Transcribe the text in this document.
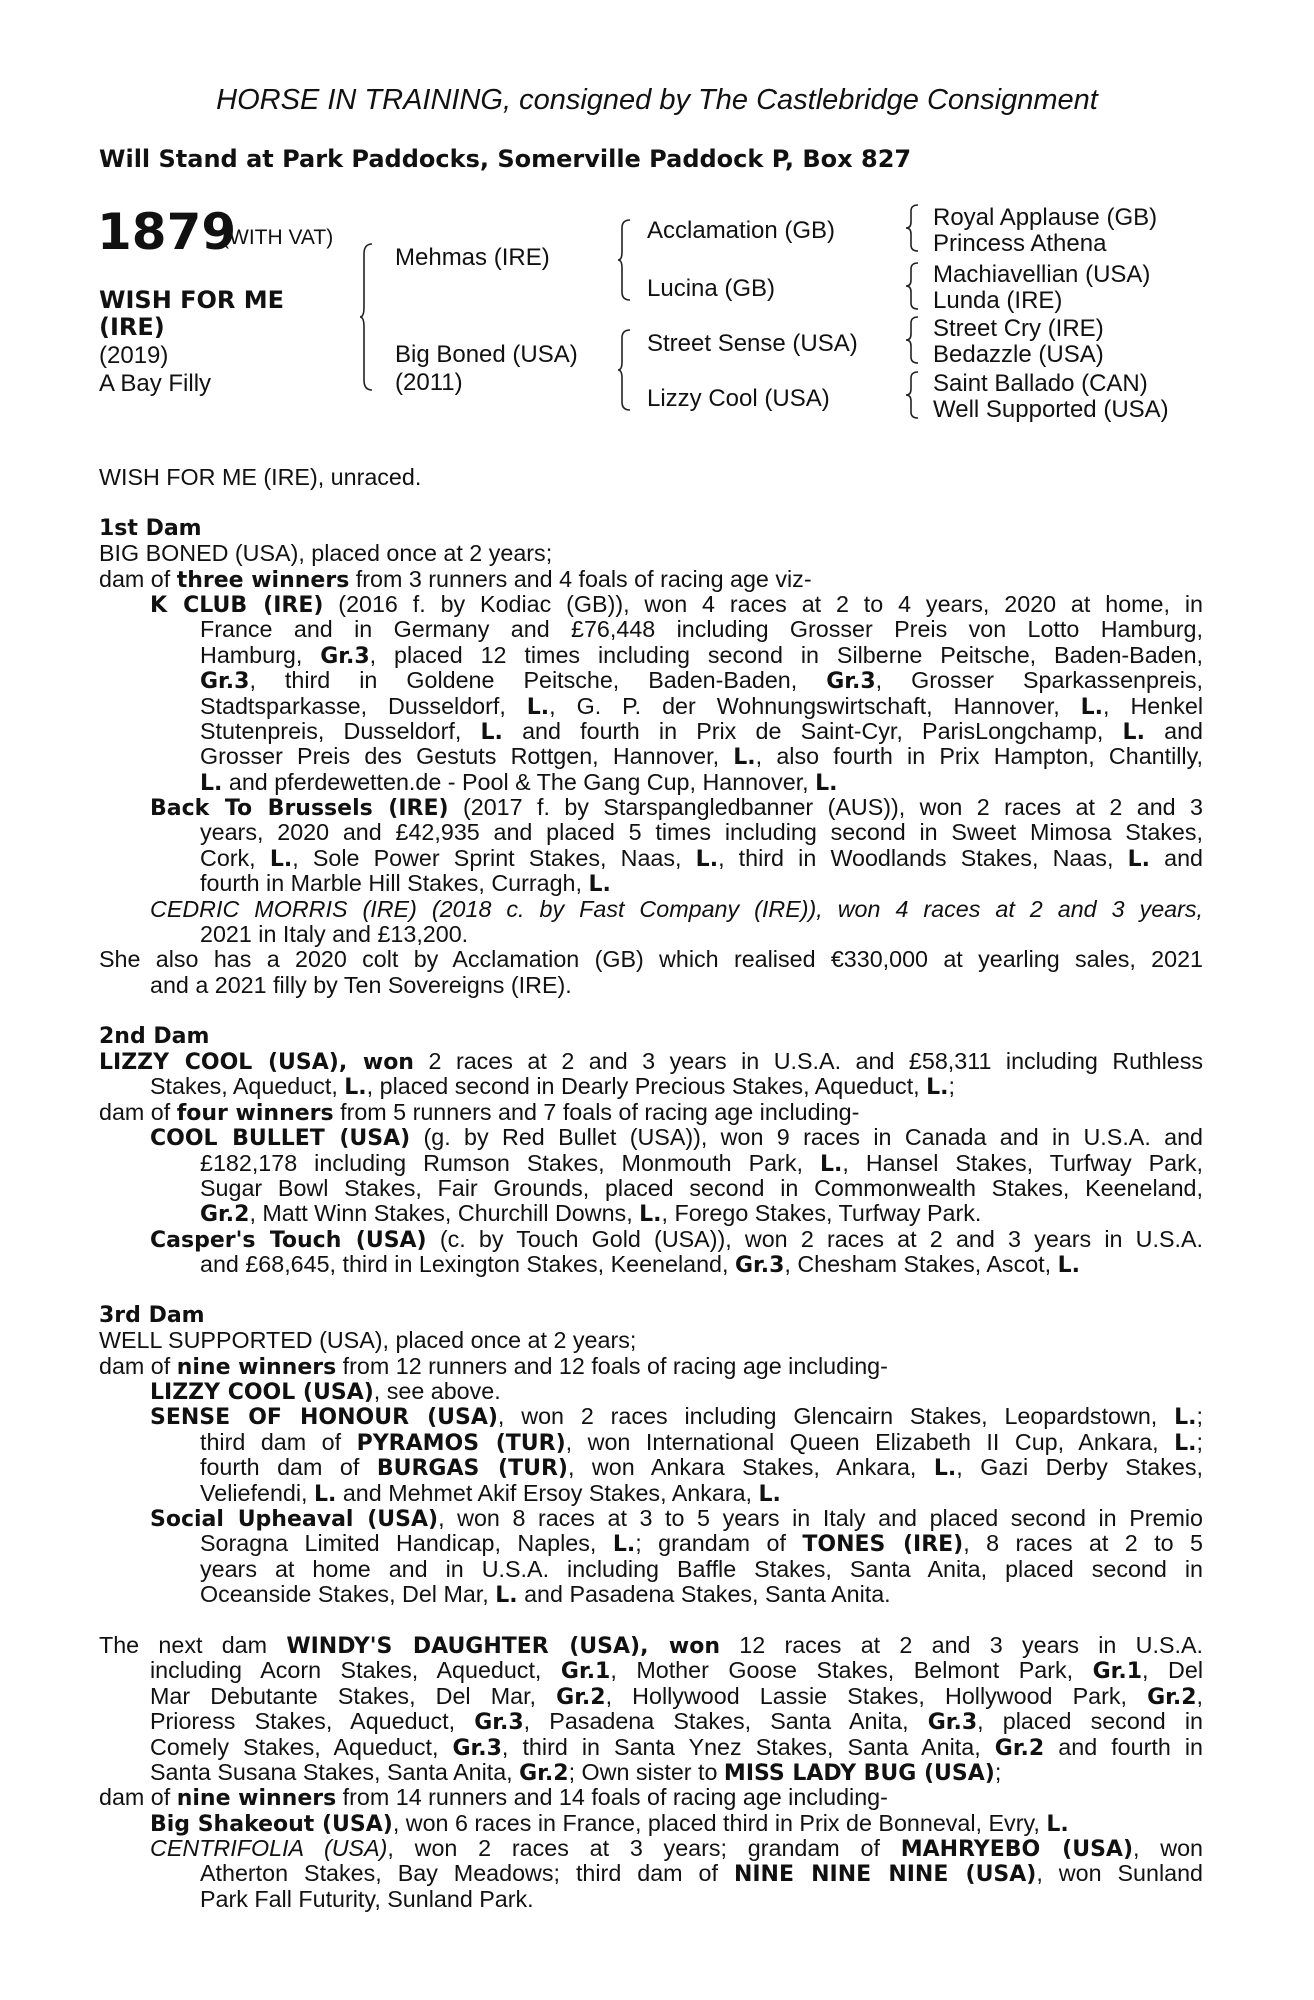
HORSE IN TRAINING, consigned by The Castlebridge Consignment
Will Stand at Park Paddocks, Somerville Paddock P, Box 827
1879
(WITH VAT)
WISH FOR ME
(IRE)
(2019)
A Bay Filly
Mehmas (IRE)
Big Boned (USA)
(2011)
Acclamation (GB)
Lucina (GB)
Street Sense (USA)
Lizzy Cool (USA)
Royal Applause (GB)
Princess Athena
Machiavellian (USA)
Lunda (IRE)
Street Cry (IRE)
Bedazzle (USA)
Saint Ballado (CAN)
Well Supported (USA)
WISH FOR ME (IRE), unraced.
1st Dam
BIG BONED (USA), placed once at 2 years;
dam of three winners from 3 runners and 4 foals of racing age viz-
K CLUB (IRE) (2016 f. by Kodiac (GB)), won 4 races at 2 to 4 years, 2020 at home, in
France and in Germany and £76,448 including Grosser Preis von Lotto Hamburg,
Hamburg, Gr.3, placed 12 times including second in Silberne Peitsche, Baden-Baden,
Gr.3, third in Goldene Peitsche, Baden-Baden, Gr.3, Grosser Sparkassenpreis,
Stadtsparkasse, Dusseldorf, L., G. P. der Wohnungswirtschaft, Hannover, L., Henkel
Stutenpreis, Dusseldorf, L. and fourth in Prix de Saint-Cyr, ParisLongchamp, L. and
Grosser Preis des Gestuts Rottgen, Hannover, L., also fourth in Prix Hampton, Chantilly,
L. and pferdewetten.de - Pool & The Gang Cup, Hannover, L.
Back To Brussels (IRE) (2017 f. by Starspangledbanner (AUS)), won 2 races at 2 and 3
years, 2020 and £42,935 and placed 5 times including second in Sweet Mimosa Stakes,
Cork, L., Sole Power Sprint Stakes, Naas, L., third in Woodlands Stakes, Naas, L. and
fourth in Marble Hill Stakes, Curragh, L.
CEDRIC MORRIS (IRE) (2018 c. by Fast Company (IRE)), won 4 races at 2 and 3 years,
2021 in Italy and £13,200.
She also has a 2020 colt by Acclamation (GB) which realised €330,000 at yearling sales, 2021
and a 2021 filly by Ten Sovereigns (IRE).
2nd Dam
LIZZY COOL (USA), won 2 races at 2 and 3 years in U.S.A. and £58,311 including Ruthless
Stakes, Aqueduct, L., placed second in Dearly Precious Stakes, Aqueduct, L.;
dam of four winners from 5 runners and 7 foals of racing age including-
COOL BULLET (USA) (g. by Red Bullet (USA)), won 9 races in Canada and in U.S.A. and
£182,178 including Rumson Stakes, Monmouth Park, L., Hansel Stakes, Turfway Park,
Sugar Bowl Stakes, Fair Grounds, placed second in Commonwealth Stakes, Keeneland,
Gr.2, Matt Winn Stakes, Churchill Downs, L., Forego Stakes, Turfway Park.
Casper's Touch (USA) (c. by Touch Gold (USA)), won 2 races at 2 and 3 years in U.S.A.
and £68,645, third in Lexington Stakes, Keeneland, Gr.3, Chesham Stakes, Ascot, L.
3rd Dam
WELL SUPPORTED (USA), placed once at 2 years;
dam of nine winners from 12 runners and 12 foals of racing age including-
LIZZY COOL (USA), see above.
SENSE OF HONOUR (USA), won 2 races including Glencairn Stakes, Leopardstown, L.;
third dam of PYRAMOS (TUR), won International Queen Elizabeth II Cup, Ankara, L.;
fourth dam of BURGAS (TUR), won Ankara Stakes, Ankara, L., Gazi Derby Stakes,
Veliefendi, L. and Mehmet Akif Ersoy Stakes, Ankara, L.
Social Upheaval (USA), won 8 races at 3 to 5 years in Italy and placed second in Premio
Soragna Limited Handicap, Naples, L.; grandam of TONES (IRE), 8 races at 2 to 5
years at home and in U.S.A. including Baffle Stakes, Santa Anita, placed second in
Oceanside Stakes, Del Mar, L. and Pasadena Stakes, Santa Anita.
The next dam WINDY'S DAUGHTER (USA), won 12 races at 2 and 3 years in U.S.A.
including Acorn Stakes, Aqueduct, Gr.1, Mother Goose Stakes, Belmont Park, Gr.1, Del
Mar Debutante Stakes, Del Mar, Gr.2, Hollywood Lassie Stakes, Hollywood Park, Gr.2,
Prioress Stakes, Aqueduct, Gr.3, Pasadena Stakes, Santa Anita, Gr.3, placed second in
Comely Stakes, Aqueduct, Gr.3, third in Santa Ynez Stakes, Santa Anita, Gr.2 and fourth in
Santa Susana Stakes, Santa Anita, Gr.2; Own sister to MISS LADY BUG (USA);
dam of nine winners from 14 runners and 14 foals of racing age including-
Big Shakeout (USA), won 6 races in France, placed third in Prix de Bonneval, Evry, L.
CENTRIFOLIA (USA), won 2 races at 3 years; grandam of MAHRYEBO (USA), won
Atherton Stakes, Bay Meadows; third dam of NINE NINE NINE (USA), won Sunland
Park Fall Futurity, Sunland Park.
